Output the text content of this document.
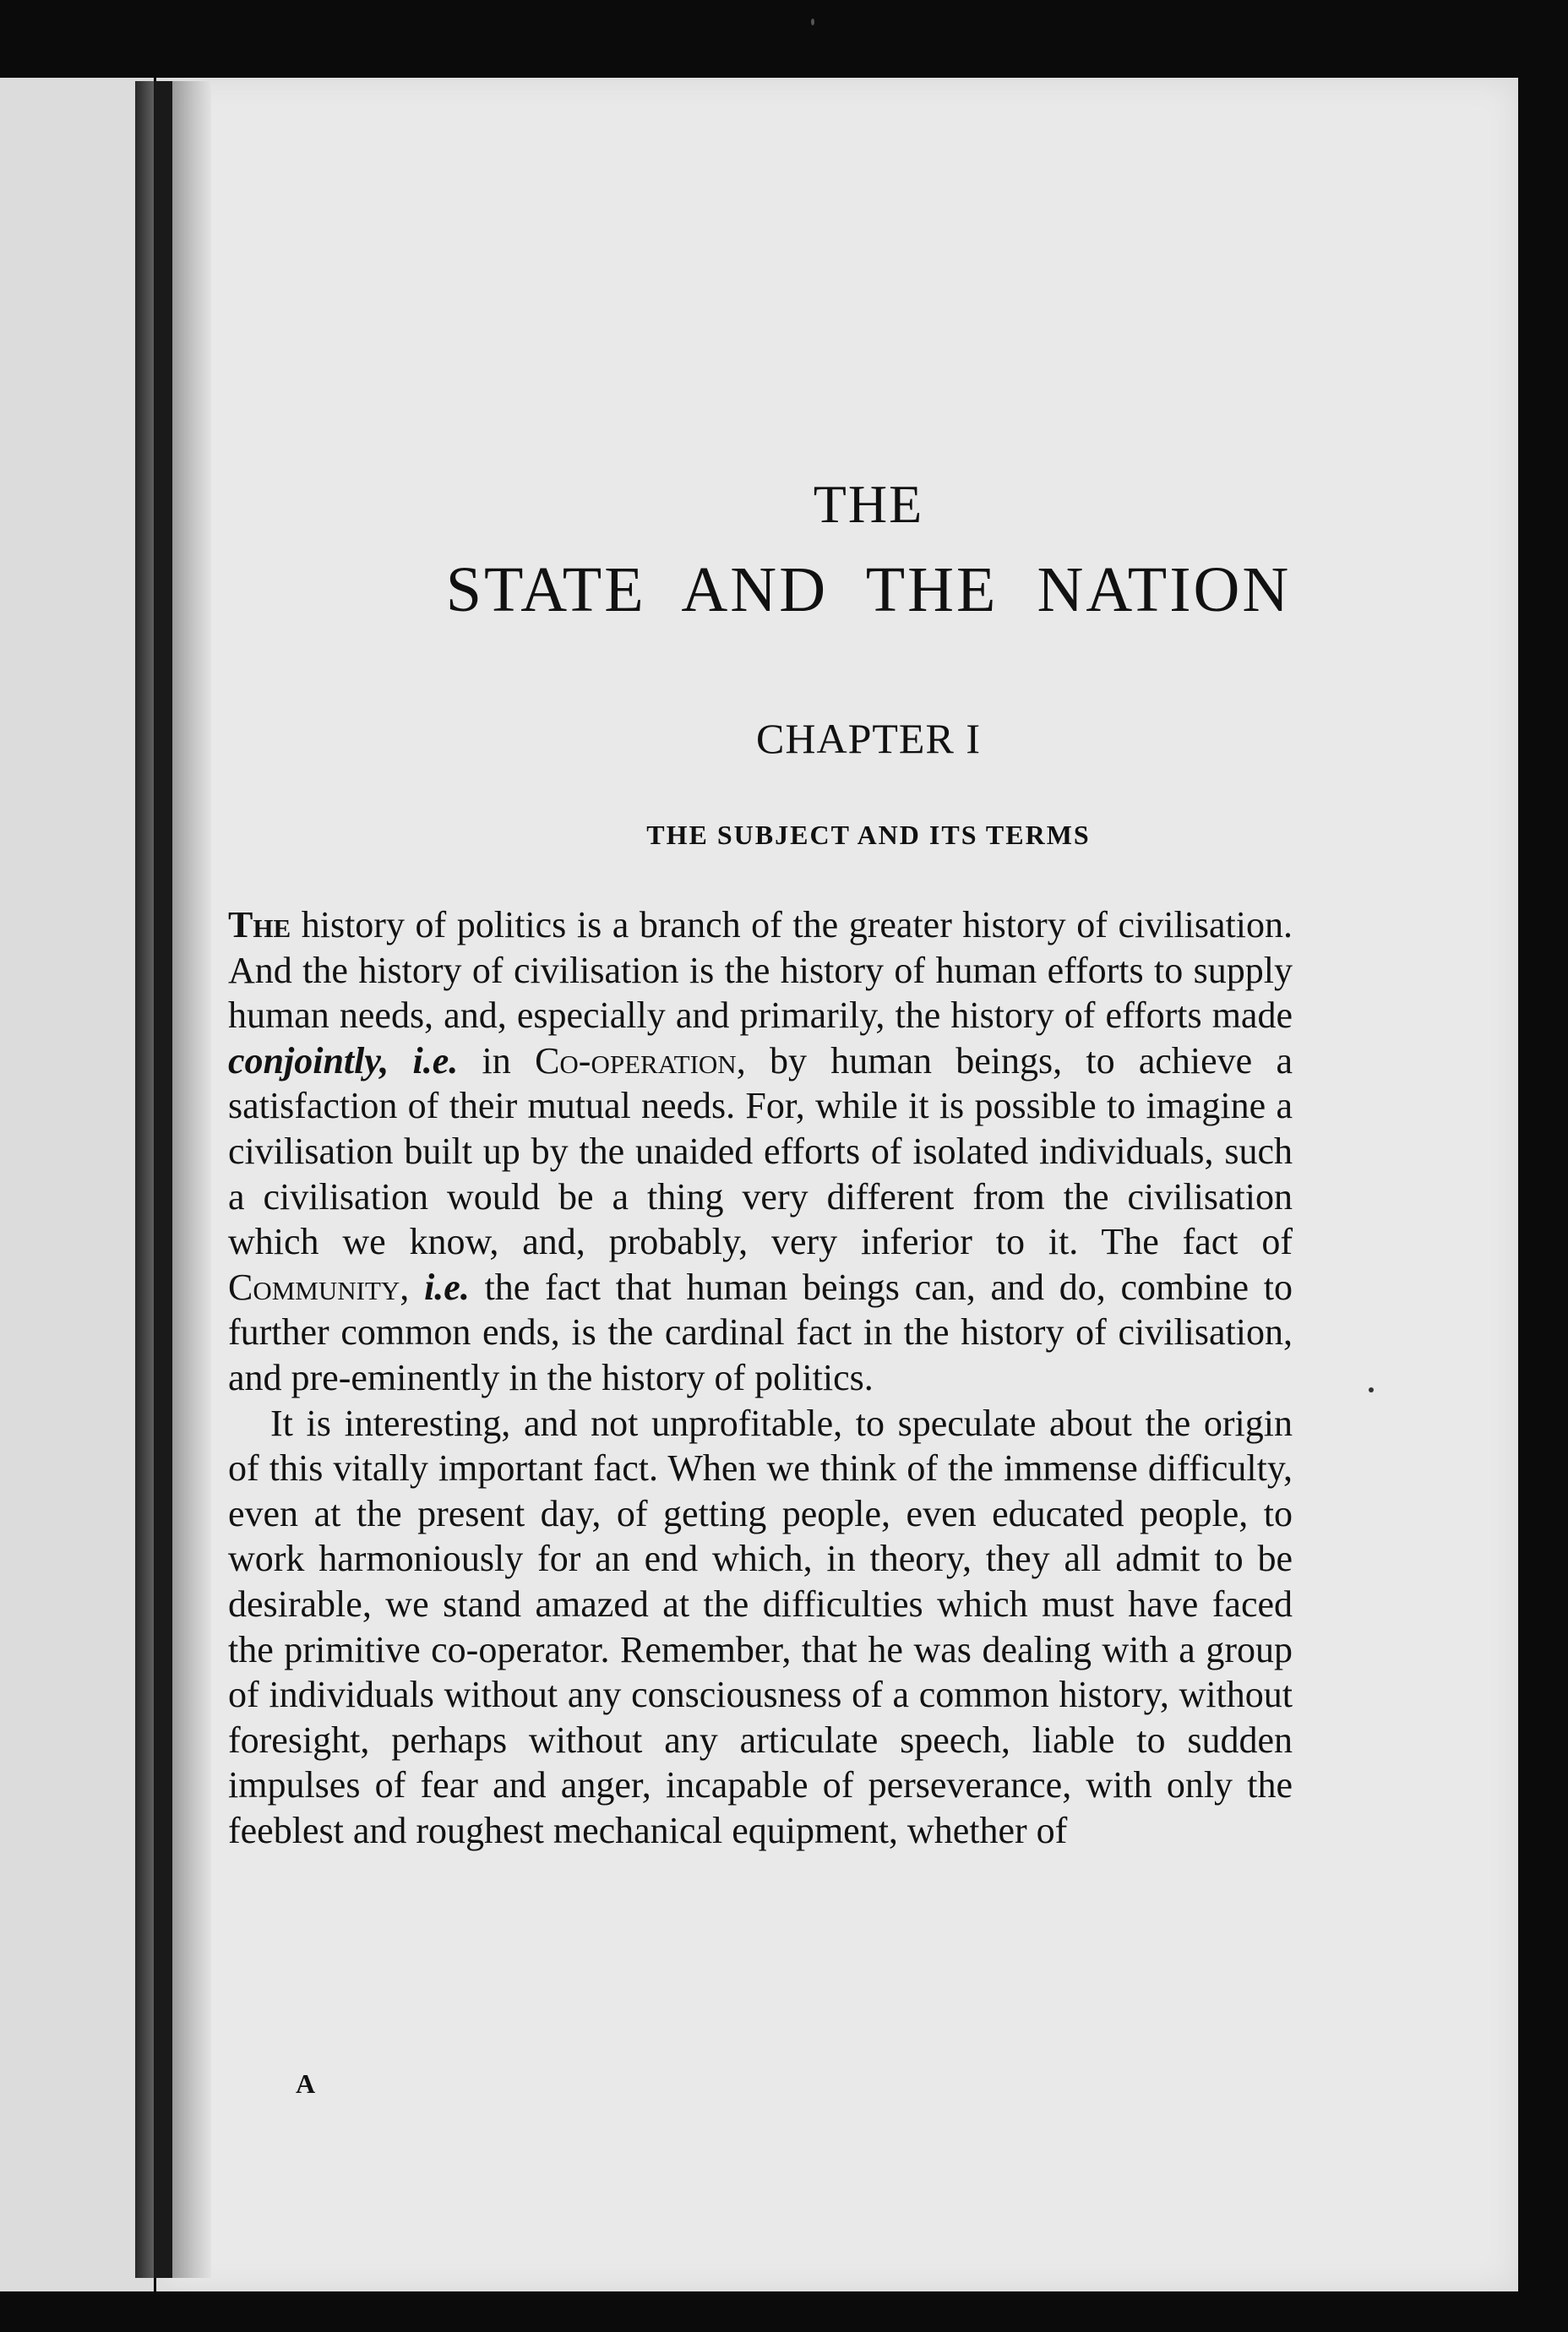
THE
STATE AND THE NATION
CHAPTER I
THE SUBJECT AND ITS TERMS

The history of politics is a branch of the greater history of civilisation. And the history of civilisation is the history of human efforts to supply human needs, and, especially and primarily, the history of efforts made conjointly, i.e. in Co-operation, by human beings, to achieve a satisfaction of their mutual needs. For, while it is possible to imagine a civilisation built up by the unaided efforts of isolated individuals, such a civilisation would be a thing very different from the civilisation which we know, and, probably, very inferior to it. The fact of Community, i.e. the fact that human beings can, and do, combine to further common ends, is the cardinal fact in the history of civilisation, and pre-eminently in the history of politics.

It is interesting, and not unprofitable, to speculate about the origin of this vitally important fact. When we think of the immense difficulty, even at the present day, of getting people, even educated people, to work harmoniously for an end which, in theory, they all admit to be desirable, we stand amazed at the difficulties which must have faced the primitive co-operator. Remember, that he was dealing with a group of individuals without any consciousness of a common history, without foresight, perhaps without any articulate speech, liable to sudden impulses of fear and anger, incapable of perseverance, with only the feeblest and roughest mechanical equipment, whether of

A
